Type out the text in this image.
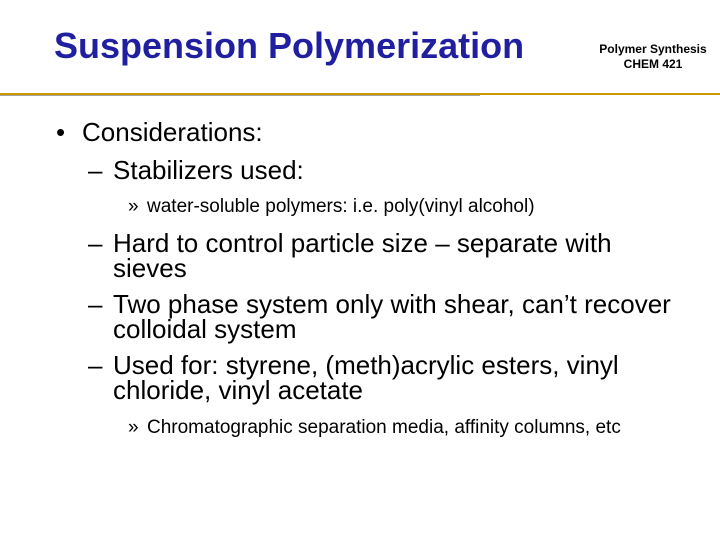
Suspension Polymerization	Polymer Synthesis
CHEM 421
• Considerations:
– Stabilizers used:
» water-soluble polymers: i.e. poly(vinyl alcohol)
– Hard to control particle size – separate with sieves
– Two phase system only with shear, can’t recover colloidal system
– Used for: styrene, (meth)acrylic esters, vinyl chloride, vinyl acetate
» Chromatographic separation media, affinity columns, etc
